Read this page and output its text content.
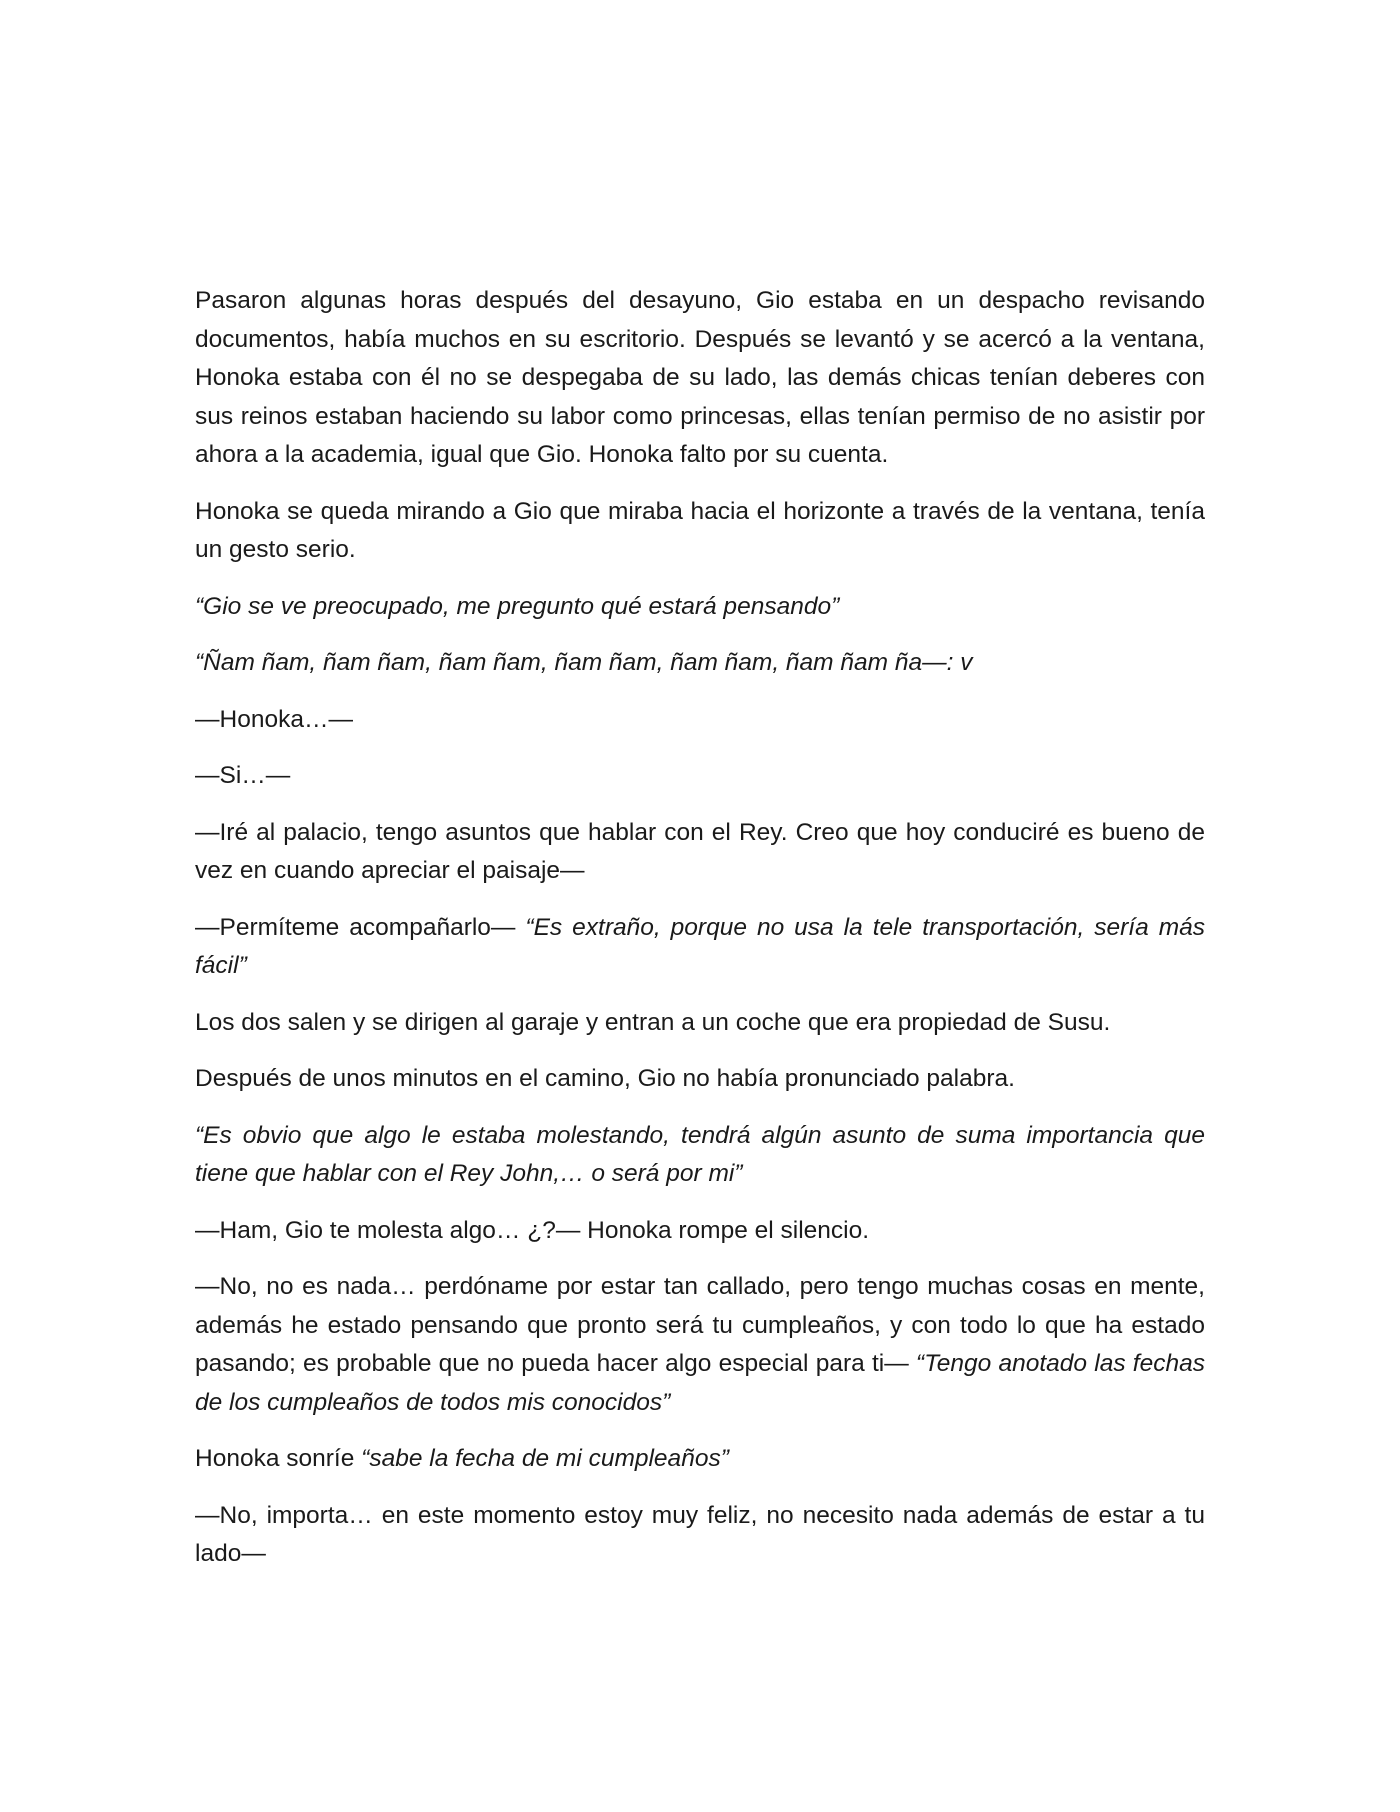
Pasaron algunas horas después del desayuno, Gio estaba en un despacho revisando documentos, había muchos en su escritorio. Después se levantó y se acercó a la ventana, Honoka estaba con él no se despegaba de su lado, las demás chicas tenían deberes con sus reinos estaban haciendo su labor como princesas, ellas tenían permiso de no asistir por ahora a la academia, igual que Gio. Honoka falto por su cuenta.

Honoka se queda mirando a Gio que miraba hacia el horizonte a través de la ventana, tenía un gesto serio.

“Gio se ve preocupado, me pregunto qué estará pensando”

“Ñam ñam, ñam ñam, ñam ñam, ñam ñam, ñam ñam, ñam ñam ña—: v

—Honoka…—

—Si…—

—Iré al palacio, tengo asuntos que hablar con el Rey. Creo que hoy conduciré es bueno de vez en cuando apreciar el paisaje—

—Permíteme acompañarlo— “Es extraño, porque no usa la tele transportación, sería más fácil”

Los dos salen y se dirigen al garaje y entran a un coche que era propiedad de Susu.

Después de unos minutos en el camino, Gio no había pronunciado palabra.

“Es obvio que algo le estaba molestando, tendrá algún asunto de suma importancia que tiene que hablar con el Rey John,… o será por mi”

—Ham, Gio te molesta algo… ¿?— Honoka rompe el silencio.

—No, no es nada… perdóname por estar tan callado, pero tengo muchas cosas en mente, además he estado pensando que pronto será tu cumpleaños, y con todo lo que ha estado pasando; es probable que no pueda hacer algo especial para ti— “Tengo anotado las fechas de los cumpleaños de todos mis conocidos”

Honoka sonríe “sabe la fecha de mi cumpleaños”

—No, importa… en este momento estoy muy feliz, no necesito nada además de estar a tu lado—
